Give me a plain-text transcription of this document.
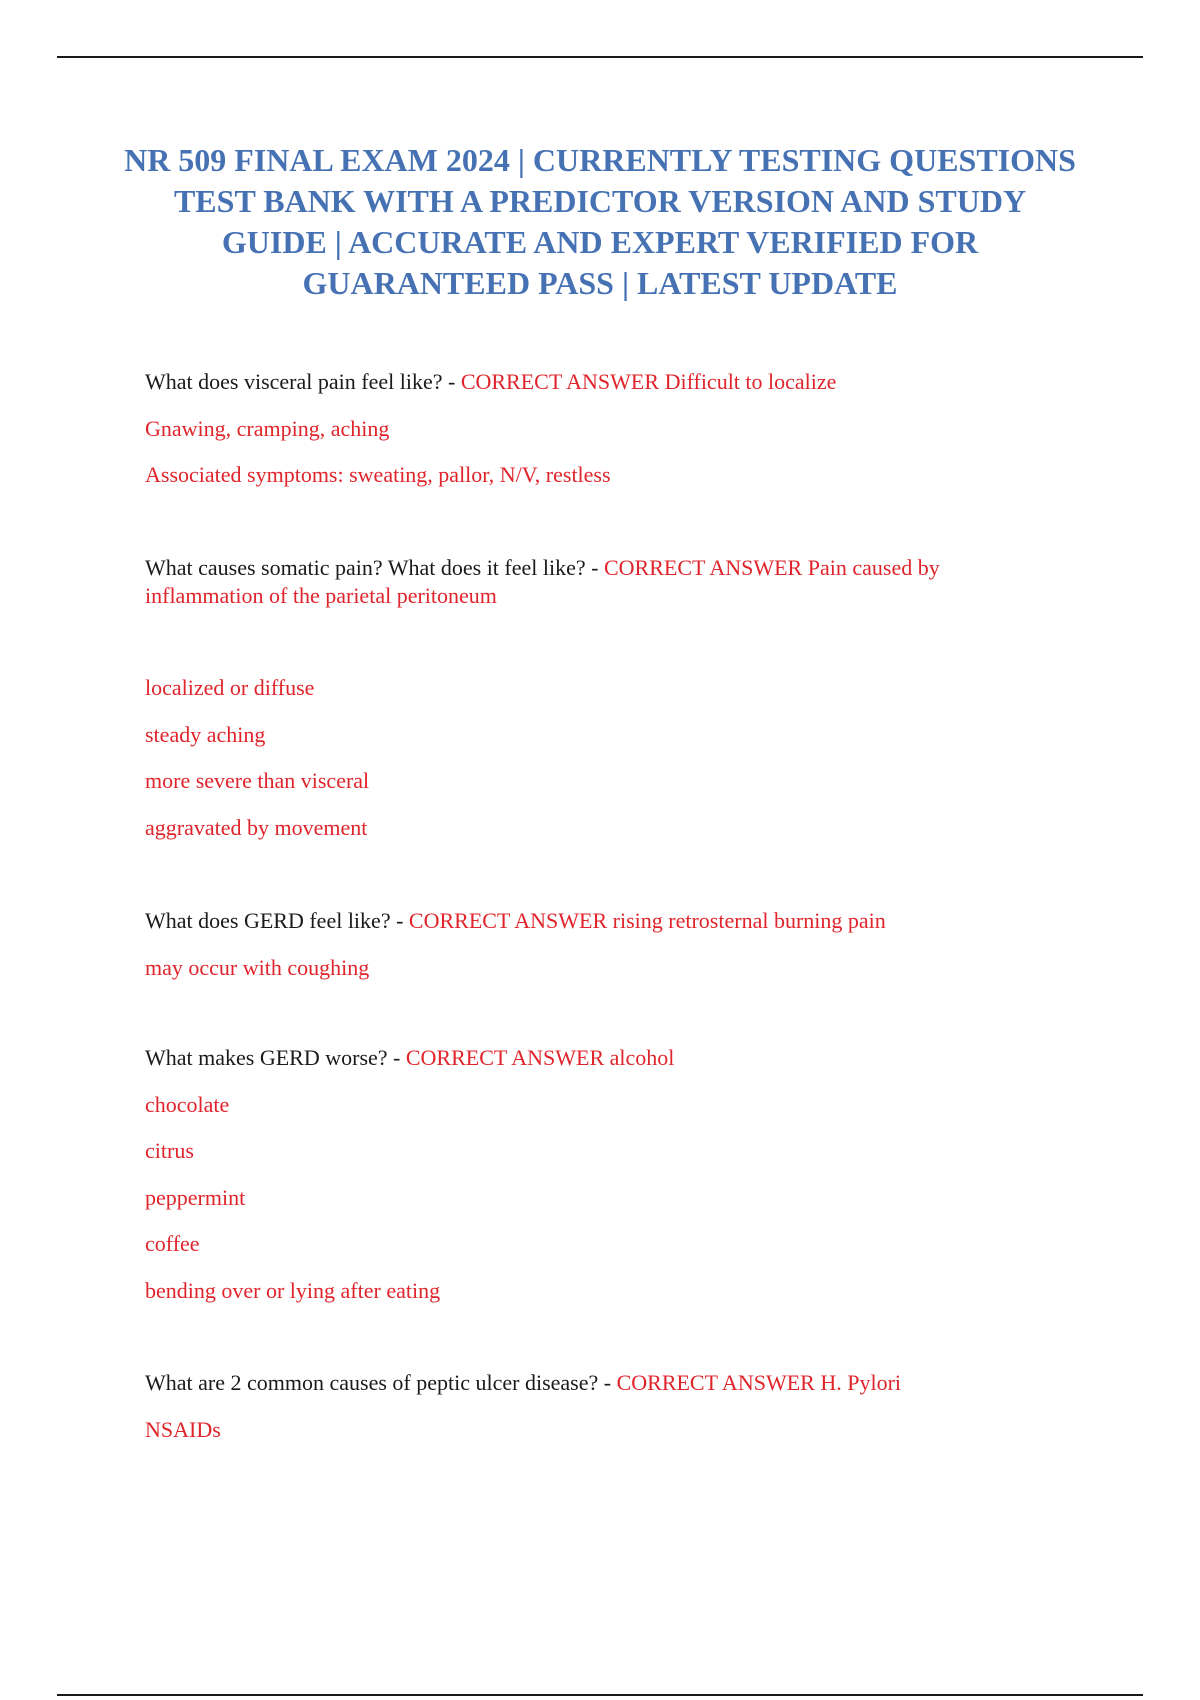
NR 509 FINAL EXAM 2024 | CURRENTLY TESTING QUESTIONS TEST BANK WITH A PREDICTOR VERSION AND STUDY GUIDE | ACCURATE AND EXPERT VERIFIED FOR GUARANTEED PASS | LATEST UPDATE
What does visceral pain feel like? - CORRECT ANSWER Difficult to localize
Gnawing, cramping, aching
Associated symptoms: sweating, pallor, N/V, restless
What causes somatic pain? What does it feel like? - CORRECT ANSWER Pain caused by inflammation of the parietal peritoneum
localized or diffuse
steady aching
more severe than visceral
aggravated by movement
What does GERD feel like? - CORRECT ANSWER rising retrosternal burning pain
may occur with coughing
What makes GERD worse? - CORRECT ANSWER alcohol
chocolate
citrus
peppermint
coffee
bending over or lying after eating
What are 2 common causes of peptic ulcer disease? - CORRECT ANSWER H. Pylori
NSAIDs
